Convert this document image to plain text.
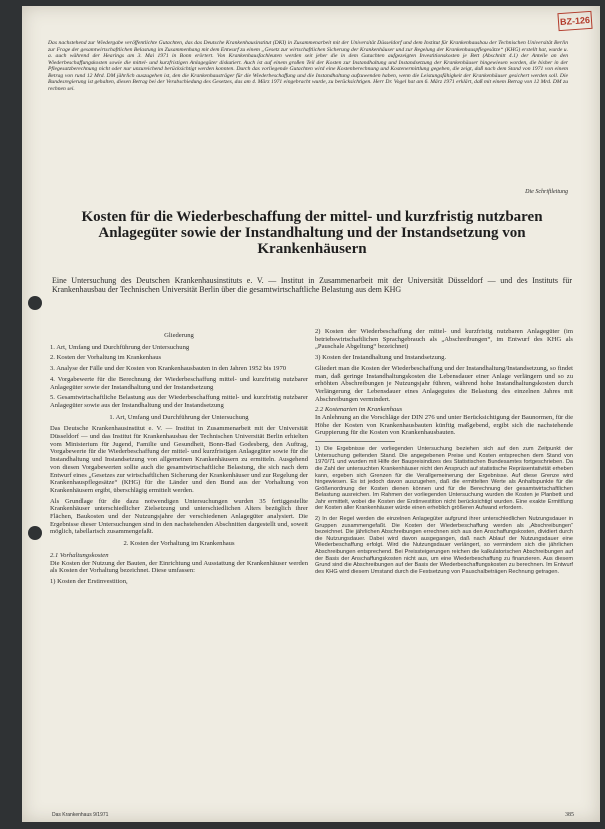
BZ-126
Das nachstehend zur Wiedergabe veröffentlichte Gutachten, das das Deutsche Krankenhausinstitut (DKI) in Zusammenarbeit mit der Universität Düsseldorf und dem Institut für Krankenhausbau der Technischen Universität Berlin zur Frage der gesamtwirtschaftlichen Belastung im Zusammenhang mit dem Entwurf zu einem „Gesetz zur wirtschaftlichen Sicherung der Krankenhäuser und zur Regelung der Krankenhauspflegesätze“ (KHG) erstellt hat, wurde u. a. auch während der Hearings am 3. Mai 1971 in Bonn erörtert. Von Krankenhausfachleuten werden seit jeher die in dem Gutachten aufgezeigten Investitionskosten je Bett (Abschnitt 4.1) der Anteile an den Wiederbeschaffungskosten sowie die mittel- und kurzfristigen Anlagegüter diskutiert. Auch ist auf einem großen Teil der Kosten zur Instandhaltung und Instandsetzung der Krankenhäuser hingewiesen worden, die bisher in der Pflegesatzberechnung nicht oder nur unzureichend berücksichtigt werden konnten. Durch das vorliegende Gutachten wird eine Kostenberechnung und Kostenermittlung gegeben, die zeigt, daß nach dem Stand von 1971 von einem Betrag von rund 12 Mrd. DM jährlich auszugehen ist, den die Krankenhausträger für die Wiederbeschaffung und die Instandhaltung aufzuwenden haben, wenn die Leistungsfähigkeit der Krankenhäuser gesichert werden soll. Die Bundesregierung ist gehalten, diesen Betrag bei der Verabschiedung des Gesetzes, das am 4. März 1971 eingebracht wurde, zu berücksichtigen. Herr Dr. Vogel hat am 6. März 1971 erklärt, daß mit einem Betrag von 12 Mrd. DM zu rechnen sei.
Die Schriftleitung
Kosten für die Wiederbeschaffung der mittel- und kurzfristig nutzbaren Anlagegüter sowie der Instandhaltung und der Instandsetzung von Krankenhäusern
Eine Untersuchung des Deutschen Krankenhausinstituts e. V. — Institut in Zusammenarbeit mit der Universität Düsseldorf — und des Instituts für Krankenhausbau der Technischen Universität Berlin über die gesamtwirtschaftliche Belastung aus dem KHG
Gliederung
1. Art, Umfang und Durchführung der Untersuchung
2. Kosten der Vorhaltung im Krankenhaus
3. Analyse der Fälle und der Kosten von Krankenhausbauten in den Jahren 1952 bis 1970
4. Vorgabewerte für die Berechnung der Wiederbeschaffung mittel- und kurzfristig nutzbarer Anlagegüter sowie der Instandhaltung und der Instandsetzung
5. Gesamtwirtschaftliche Belastung aus der Wiederbeschaffung mittel- und kurzfristig nutzbarer Anlagegüter sowie aus der Instandhaltung und der Instandsetzung
1. Art, Umfang und Durchführung der Untersuchung
Das Deutsche Krankenhausinstitut e. V. — Institut in Zusammenarbeit mit der Universität Düsseldorf — und das Institut für Krankenhausbau der Technischen Universität Berlin erhielten vom Ministerium für Jugend, Familie und Gesundheit, Bonn-Bad Godesberg, den Auftrag, Vorgabewerte für die Wiederbeschaffung der mittel- und kurzfristigen Anlagegüter sowie für die Instandhaltung und Instandsetzung von allgemeinen Krankenhäusern zu ermitteln. Ausgehend von diesen Vorgabewerten sollte auch die gesamtwirtschaftliche Belastung, die sich nach dem Entwurf eines „Gesetzes zur wirtschaftlichen Sicherung der Krankenhäuser und zur Regelung der Krankenhauspflegesätze“ (KHG) für die Länder und den Bund aus der Vorhaltung von Krankenhäusern ergibt, überschlägig ermittelt werden.
Als Grundlage für die dazu notwendigen Untersuchungen wurden 35 fertiggestellte Krankenhäuser unterschiedlicher Zielsetzung und unterschiedlichen Alters bezüglich ihrer Flächen, Baukosten und der Nutzungsjahre der verschiedenen Anlagegüter analysiert. Die Ergebnisse dieser Untersuchungen sind in den nachstehenden Abschnitten dargestellt und, soweit möglich, tabellarisch zusammengefaßt.
2. Kosten der Vorhaltung im Krankenhaus
2.1 Vorhaltungskosten
Die Kosten der Nutzung der Bauten, der Einrichtung und Ausstattung der Krankenhäuser werden als Kosten der Vorhaltung bezeichnet. Diese umfassen:
1) Kosten der Erstinvestition,
2) Kosten der Wiederbeschaffung der mittel- und kurzfristig nutzbaren Anlagegüter (im betriebswirtschaftlichen Sprachgebrauch als „Abschreibungen“, im Entwurf des KHG als „Pauschale Abgeltung“ bezeichnet)
3) Kosten der Instandhaltung und Instandsetzung.
Gliedert man die Kosten der Wiederbeschaffung und der Instandhaltung/Instandsetzung, so findet man, daß geringe Instandhaltungskosten die Lebensdauer einer Anlage verlängern und so zu erhöhten Abschreibungen je Nutzungsjahr führen, während hohe Instandhaltungskosten durch Verlängerung der Lebensdauer eines Anlagegutes die Belastung des einzelnen Jahres mit Abschreibungen vermindert.
2.2 Kostenarten im Krankenhaus
In Anlehnung an die Vorschläge der DIN 276 und unter Berücksichtigung der Baunormen, für die Höhe der Kosten von Krankenhausbauten künftig maßgebend, ergibt sich die nachstehende Gruppierung für die Kosten von Krankenhausbauten.
1) Die Ergebnisse der vorliegenden Untersuchung beziehen sich auf den zum Zeitpunkt der Untersuchung geltenden Stand. Die angegebenen Preise und Kosten entsprechen dem Stand von 1970/71 und wurden mit Hilfe der Baupreisindizes des Statistischen Bundesamtes fortgeschrieben. Da die Zahl der untersuchten Krankenhäuser nicht den Anspruch auf statistische Repräsentativität erheben kann, ergeben sich Grenzen für die Verallgemeinerung der Ergebnisse. Auf diese Grenze wird hingewiesen. Es ist jedoch davon auszugehen, daß die ermittelten Werte als Anhaltspunkte für die Größenordnung der Kosten dienen können und für die Berechnung der gesamtwirtschaftlichen Belastung ausreichen. Im Rahmen der vorliegenden Untersuchung wurden die Kosten je Planbett und Jahr ermittelt, wobei die Kosten der Erstinvestition nicht berücksichtigt wurden. Eine exakte Ermittlung der Kosten aller Krankenhäuser würde einen erheblich größeren Aufwand erfordern.
2) In der Regel werden die einzelnen Anlagegüter aufgrund ihrer unterschiedlichen Nutzungsdauer in Gruppen zusammengefaßt. Die Kosten der Wiederbeschaffung werden als „Abschreibungen“ bezeichnet. Die jährlichen Abschreibungen errechnen sich aus den Anschaffungskosten, dividiert durch die Nutzungsdauer. Dabei wird davon ausgegangen, daß nach Ablauf der Nutzungsdauer eine Wiederbeschaffung erfolgt. Wird die Nutzungsdauer verlängert, so vermindern sich die jährlichen Abschreibungen entsprechend. Bei Preissteigerungen reichen die kalkulatorischen Abschreibungen auf der Basis der Anschaffungskosten nicht aus, um eine Wiederbeschaffung zu finanzieren. Aus diesem Grund sind die Abschreibungen auf der Basis der Wiederbeschaffungskosten zu berechnen. Im Entwurf des KHG wird diesem Umstand durch die Festsetzung von Pauschalbeträgen Rechnung getragen.
Das Krankenhaus 9/1971	385
